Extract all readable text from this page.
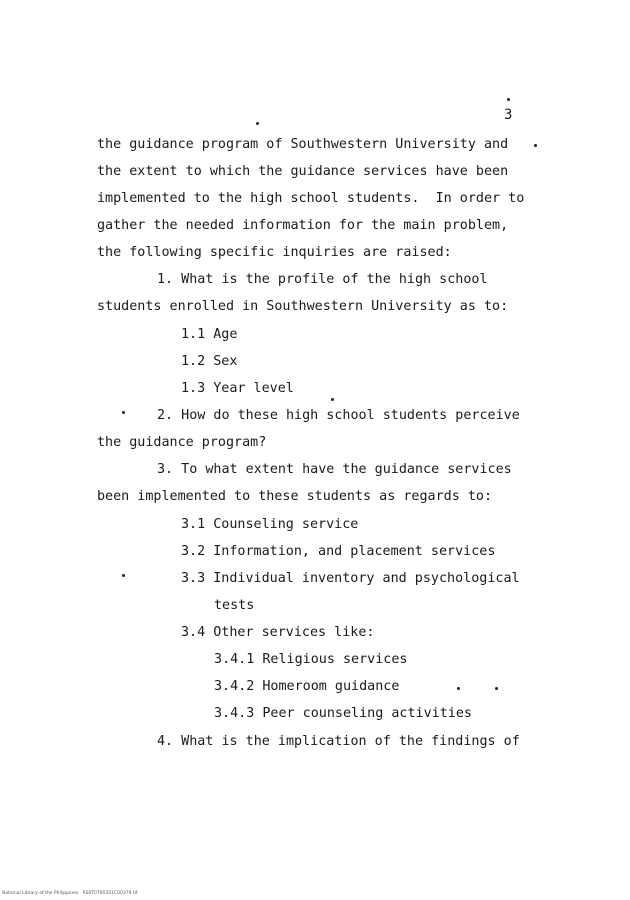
3
the guidance program of Southwestern University and
the extent to which the guidance services have been
implemented to the high school students.  In order to
gather the needed information for the main problem,
the following specific inquiries are raised:
1. What is the profile of the high school
students enrolled in Southwestern University as to:
1.1 Age
1.2 Sex
1.3 Year level
2. How do these high school students perceive
the guidance program?
3. To what extent have the guidance services
been implemented to these students as regards to:
3.1 Counseling service
3.2 Information, and placement services
3.3 Individual inventory and psychological
tests
3.4 Other services like:
3.4.1 Religious services
3.4.2 Homeroom guidance
3.4.3 Peer counseling activities
4. What is the implication of the findings of
National Library of the Philippines   RS0T0T00351C00379 tif
